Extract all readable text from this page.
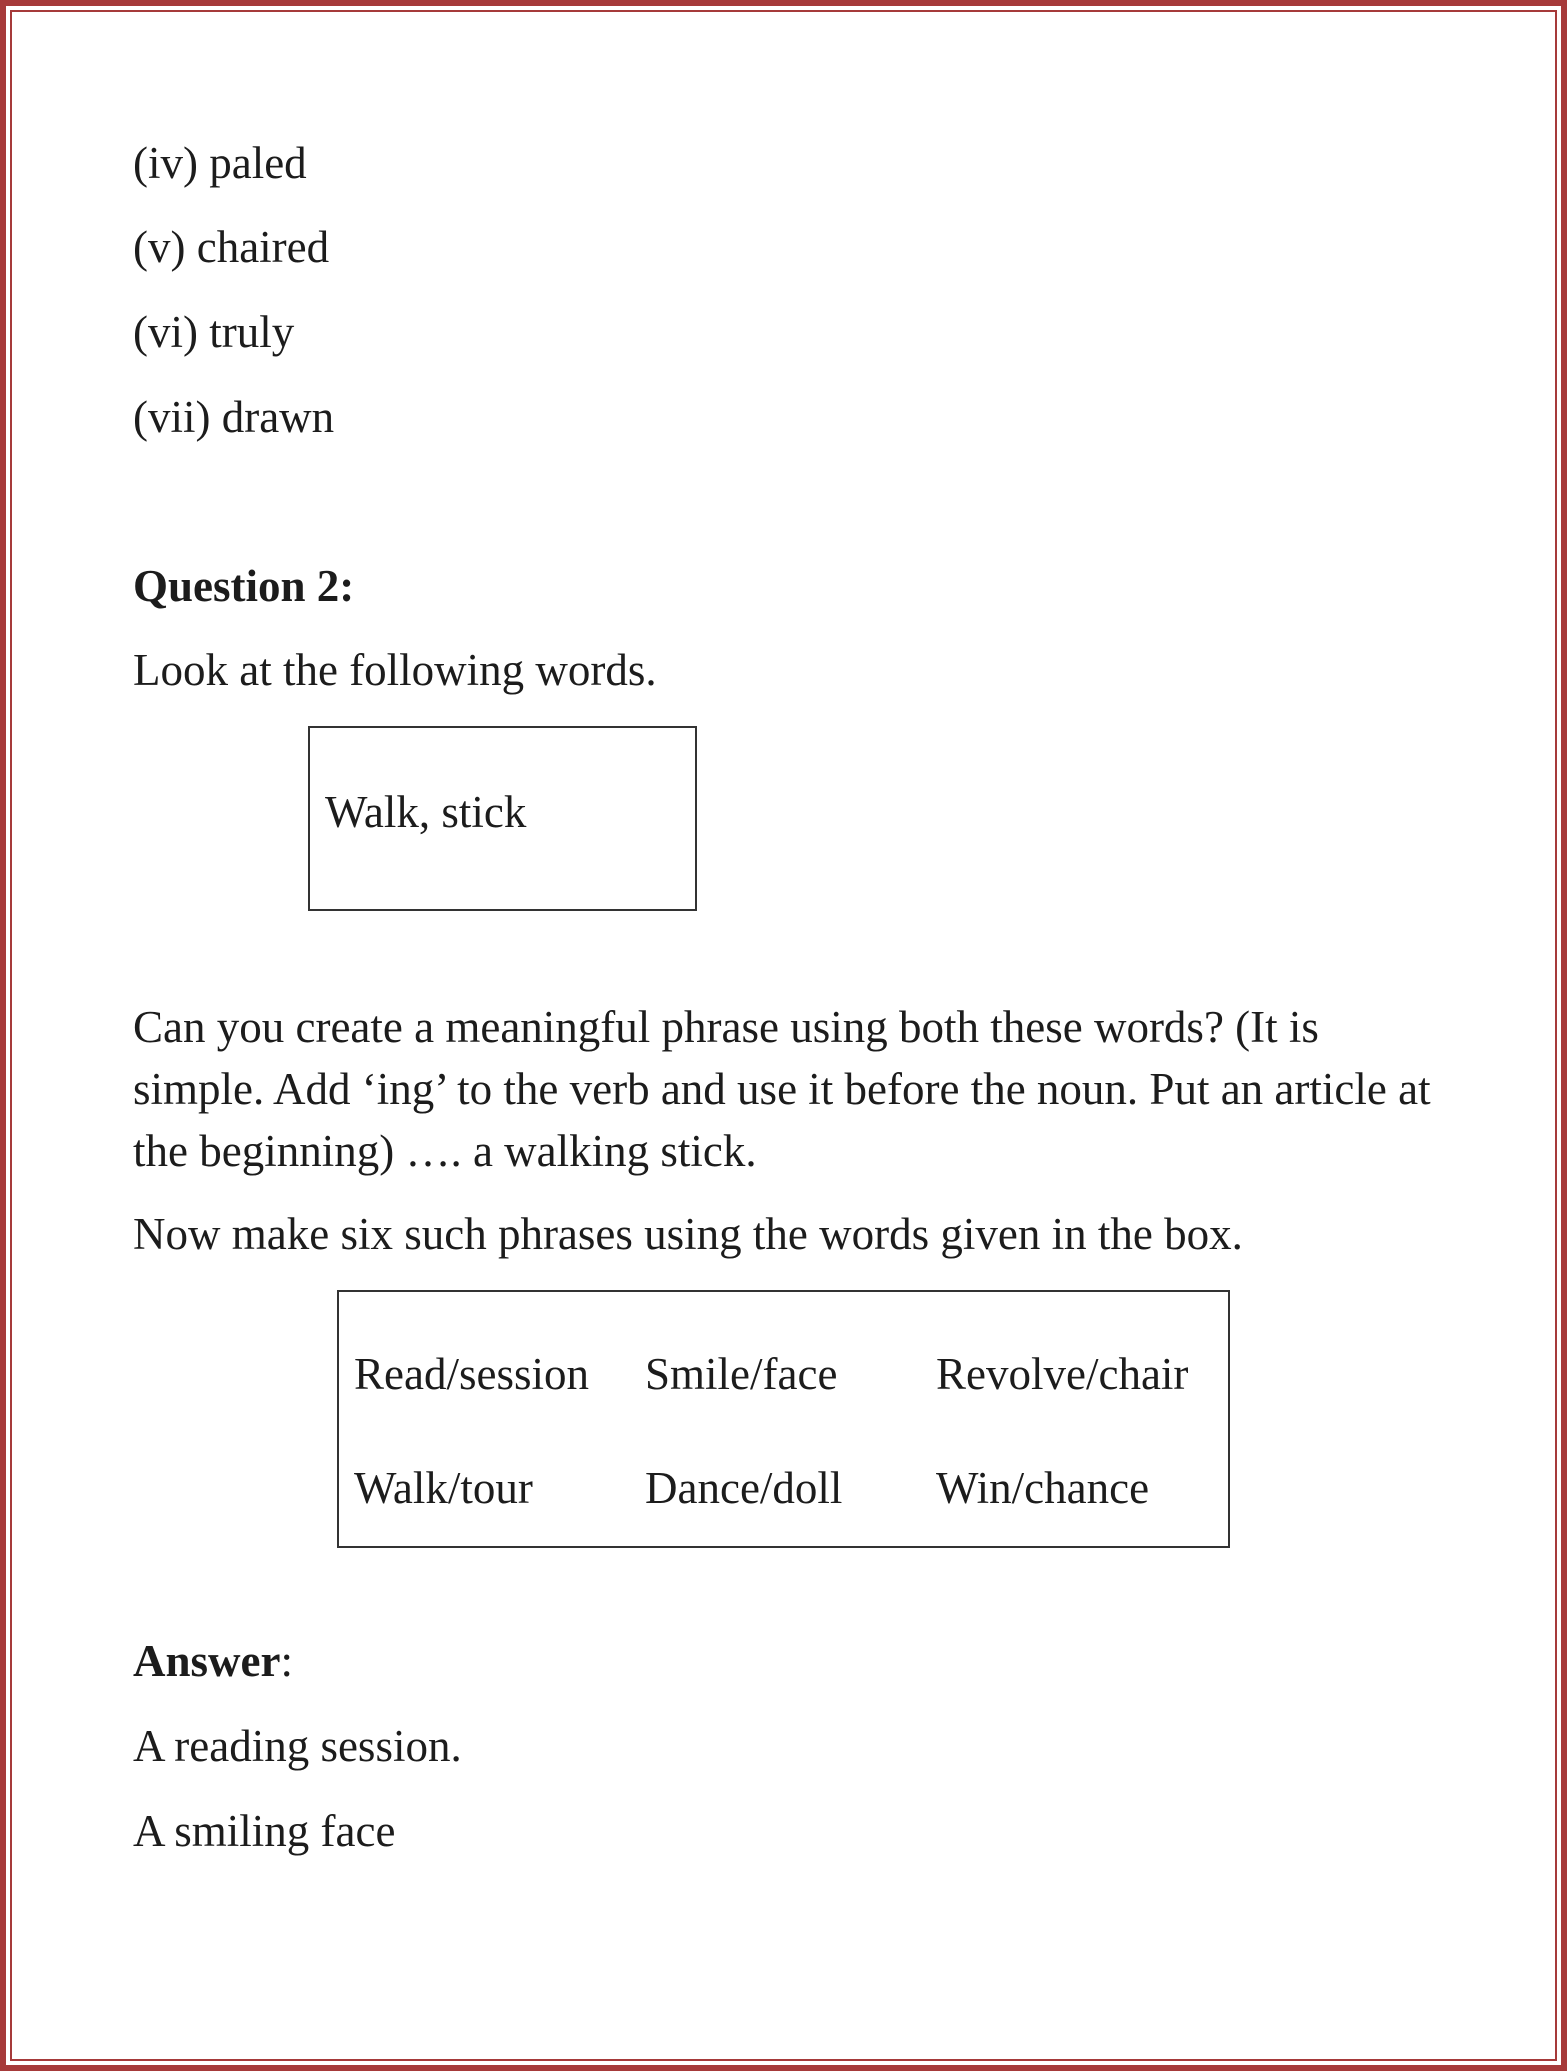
(iv) paled
(v) chaired
(vi) truly
(vii) drawn
Question 2:
Look at the following words.
Walk, stick
Can you create a meaningful phrase using both these words? (It is simple. Add ‘ing’ to the verb and use it before the noun. Put an article at the beginning) …. a walking stick.
Now make six such phrases using the words given in the box.
Read/session Smile/face Revolve/chair
Walk/tour Dance/doll Win/chance
Answer:
A reading session.
A smiling face
